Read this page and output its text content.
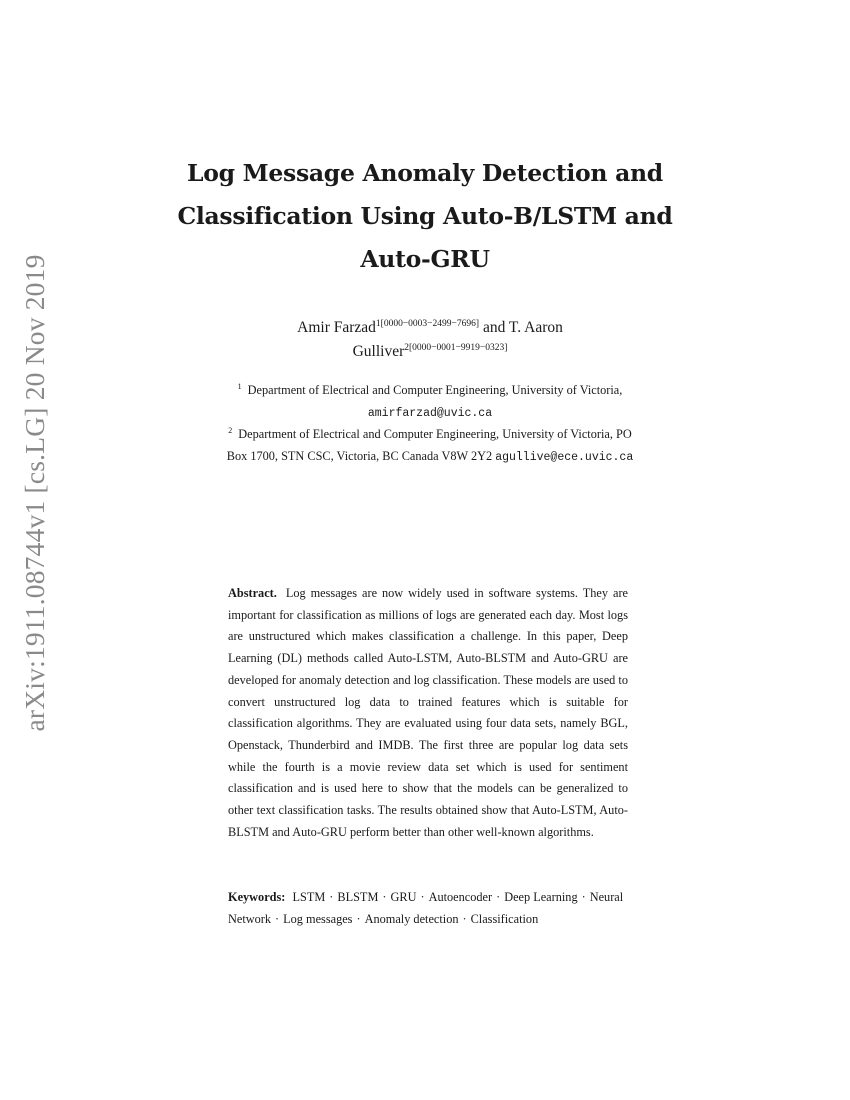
arXiv:1911.08744v1 [cs.LG] 20 Nov 2019
Log Message Anomaly Detection and
Classification Using Auto-B/LSTM and
Auto-GRU
Amir Farzad$^{1[0000-0003-2499-7696]}$ and T. Aaron
Gulliver$^{2[0000-0001-9919-0323]}$
$^1$ Department of Electrical and Computer Engineering, University of Victoria,
amirfarzad@uvic.ca
$^2$ Department of Electrical and Computer Engineering, University of Victoria, PO
Box 1700, STN CSC, Victoria, BC Canada V8W 2Y2 agullive@ece.uvic.ca
Abstract. Log messages are now widely used in software systems. They are important for classification as millions of logs are generated each day. Most logs are unstructured which makes classification a challenge. In this paper, Deep Learning (DL) methods called Auto-LSTM, Auto-BLSTM and Auto-GRU are developed for anomaly detection and log classification. These models are used to convert unstructured log data to trained features which is suitable for classification algorithms. They are evaluated using four data sets, namely BGL, Openstack, Thunderbird and IMDB. The first three are popular log data sets while the fourth is a movie review data set which is used for sentiment classification and is used here to show that the models can be generalized to other text classification tasks. The results obtained show that Auto-LSTM, Auto-BLSTM and Auto-GRU perform better than other well-known algorithms.
Keywords: LSTM · BLSTM · GRU · Autoencoder · Deep Learning · Neural Network · Log messages · Anomaly detection · Classification
